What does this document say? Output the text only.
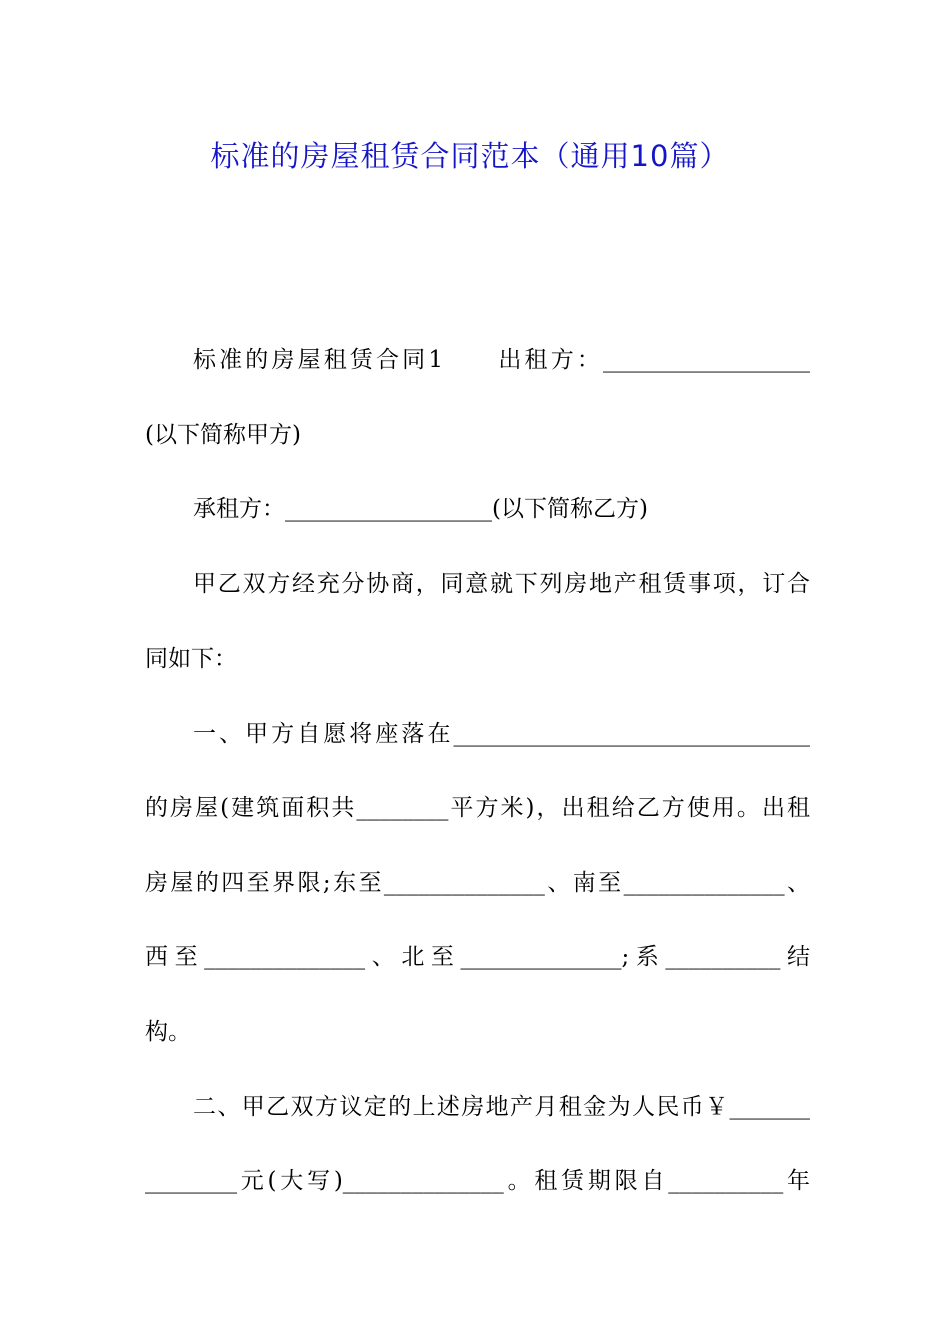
标准的房屋租赁合同范本（通用10篇）
标准的房屋租赁合同1　　出租方：__________________
(以下简称甲方)
承租方：__________________(以下简称乙方)
甲乙双方经充分协商，同意就下列房地产租赁事项，订合
同如下：
一、甲方自愿将座落在_______________________________
的房屋(建筑面积共________平方米)，出租给乙方使用。出租
房屋的四至界限;东至______________、南至______________、
西至______________、北至______________;系__________结
构。
二、甲乙双方议定的上述房地产月租金为人民币￥_______
________元(大写)______________。租赁期限自__________年
